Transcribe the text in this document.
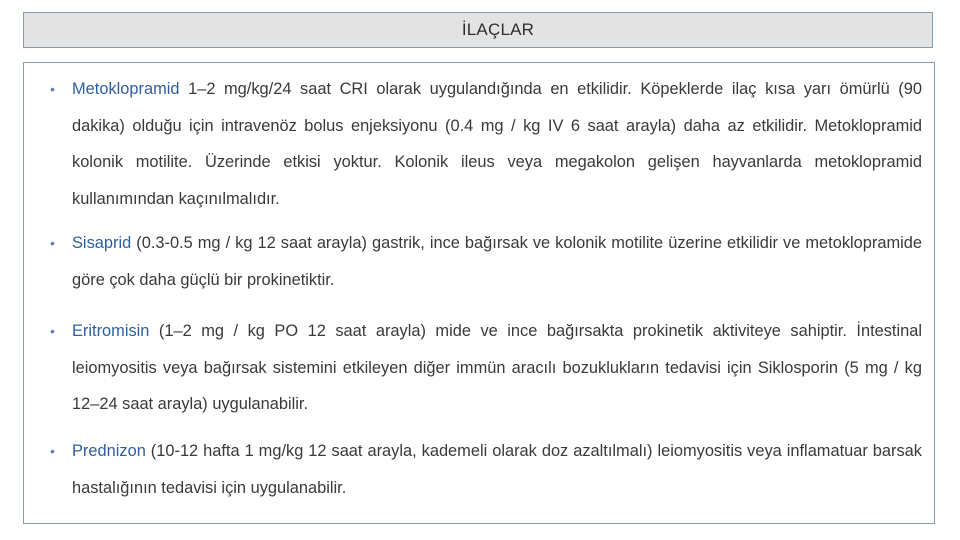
İLAÇLAR
•	Metoklopramid 1–2 mg/kg/24 saat CRI olarak uygulandığında en etkilidir. Köpeklerde ilaç kısa yarı ömürlü (90 dakika) olduğu için intravenöz bolus enjeksiyonu (0.4 mg / kg IV 6 saat arayla) daha az etkilidir. Metoklopramid kolonik motilite. Üzerinde etkisi yoktur. Kolonik ileus veya megakolon gelişen hayvanlarda metoklopramid kullanımından kaçınılmalıdır.
•	Sisaprid (0.3-0.5 mg / kg 12 saat arayla) gastrik, ince bağırsak ve kolonik motilite üzerine etkilidir ve metoklopramide göre çok daha güçlü bir prokinetiktir.
•	Eritromisin (1–2 mg / kg PO 12 saat arayla) mide ve ince bağırsakta prokinetik aktiviteye sahiptir. İntestinal leiomyositis veya bağırsak sistemini etkileyen diğer immün aracılı bozuklukların tedavisi için Siklosporin (5 mg / kg 12–24 saat arayla) uygulanabilir.
•	Prednizon (10-12 hafta 1 mg/kg 12 saat arayla, kademeli olarak doz azaltılmalı) leiomyositis veya inflamatuar barsak hastalığının tedavisi için uygulanabilir.
